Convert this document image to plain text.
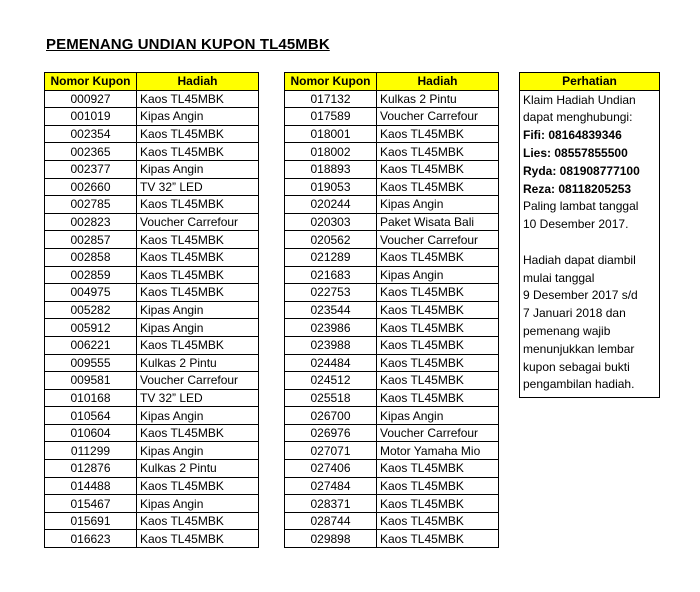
PEMENANG UNDIAN KUPON TL45MBK
Nomor Kupon	Hadiah
000927	Kaos TL45MBK
001019	Kipas Angin
002354	Kaos TL45MBK
002365	Kaos TL45MBK
002377	Kipas Angin
002660	TV 32” LED
002785	Kaos TL45MBK
002823	Voucher Carrefour
002857	Kaos TL45MBK
002858	Kaos TL45MBK
002859	Kaos TL45MBK
004975	Kaos TL45MBK
005282	Kipas Angin
005912	Kipas Angin
006221	Kaos TL45MBK
009555	Kulkas 2 Pintu
009581	Voucher Carrefour
010168	TV 32” LED
010564	Kipas Angin
010604	Kaos TL45MBK
011299	Kipas Angin
012876	Kulkas 2 Pintu
014488	Kaos TL45MBK
015467	Kipas Angin
015691	Kaos TL45MBK
016623	Kaos TL45MBK
Nomor Kupon	Hadiah
017132	Kulkas 2 Pintu
017589	Voucher Carrefour
018001	Kaos TL45MBK
018002	Kaos TL45MBK
018893	Kaos TL45MBK
019053	Kaos TL45MBK
020244	Kipas Angin
020303	Paket Wisata Bali
020562	Voucher Carrefour
021289	Kaos TL45MBK
021683	Kipas Angin
022753	Kaos TL45MBK
023544	Kaos TL45MBK
023986	Kaos TL45MBK
023988	Kaos TL45MBK
024484	Kaos TL45MBK
024512	Kaos TL45MBK
025518	Kaos TL45MBK
026700	Kipas Angin
026976	Voucher Carrefour
027071	Motor Yamaha Mio
027406	Kaos TL45MBK
027484	Kaos TL45MBK
028371	Kaos TL45MBK
028744	Kaos TL45MBK
029898	Kaos TL45MBK
Perhatian
Klaim Hadiah Undian
dapat menghubungi:
Fifi: 08164839346
Lies: 08557855500
Ryda: 081908777100
Reza: 08118205253
Paling lambat tanggal
10 Desember 2017.
Hadiah dapat diambil
mulai tanggal
9 Desember 2017 s/d
7 Januari 2018 dan
pemenang wajib
menunjukkan lembar
kupon sebagai bukti
pengambilan hadiah.
